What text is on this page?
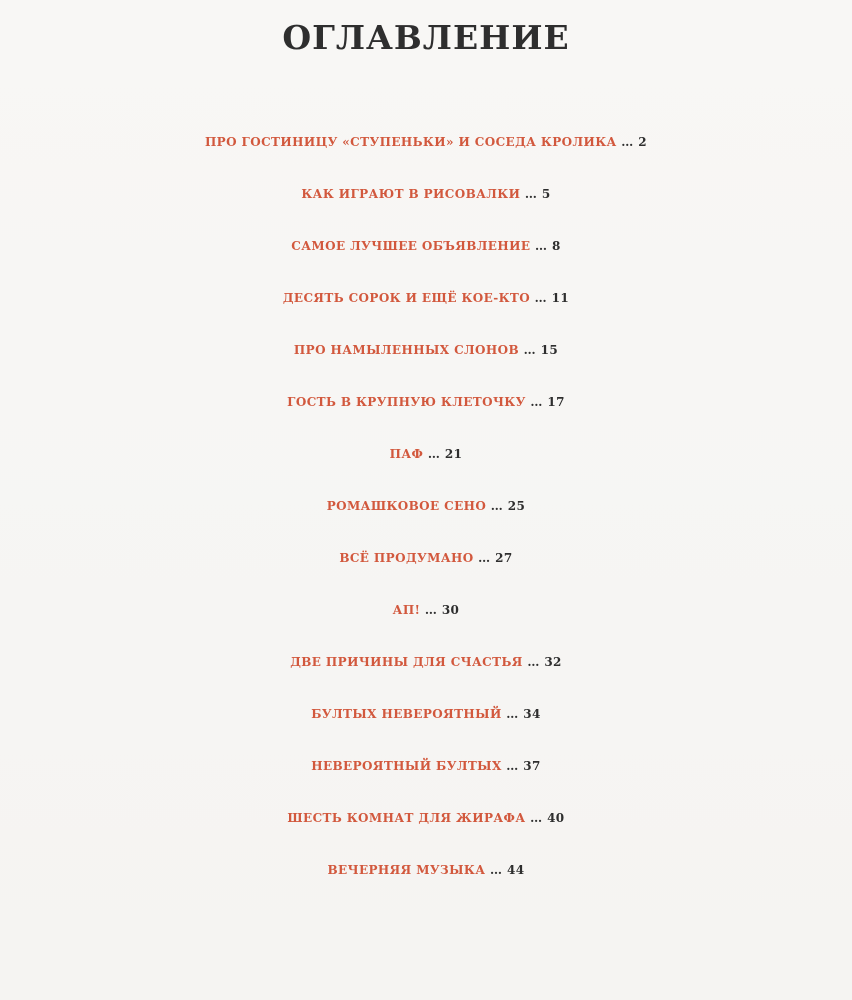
ОГЛАВЛЕНИЕ
ПРО ГОСТИНИЦУ «СТУПЕНЬКИ» И СОСЕДА КРОЛИКА … 2
КАК ИГРАЮТ В РИСОВАЛКИ … 5
САМОЕ ЛУЧШЕЕ ОБЪЯВЛЕНИЕ … 8
ДЕСЯТЬ СОРОК И ЕЩЁ КОЕ-КТО … 11
ПРО НАМЫЛЕННЫХ СЛОНОВ … 15
ГОСТЬ В КРУПНУЮ КЛЕТОЧКУ … 17
ПАФ … 21
РОМАШКОВОЕ СЕНО … 25
ВСЁ ПРОДУМАНО … 27
АП! … 30
ДВЕ ПРИЧИНЫ ДЛЯ СЧАСТЬЯ … 32
БУЛТЫХ НЕВЕРОЯТНЫЙ … 34
НЕВЕРОЯТНЫЙ БУЛТЫХ … 37
ШЕСТЬ КОМНАТ ДЛЯ ЖИРАФА … 40
ВЕЧЕРНЯЯ МУЗЫКА … 44
